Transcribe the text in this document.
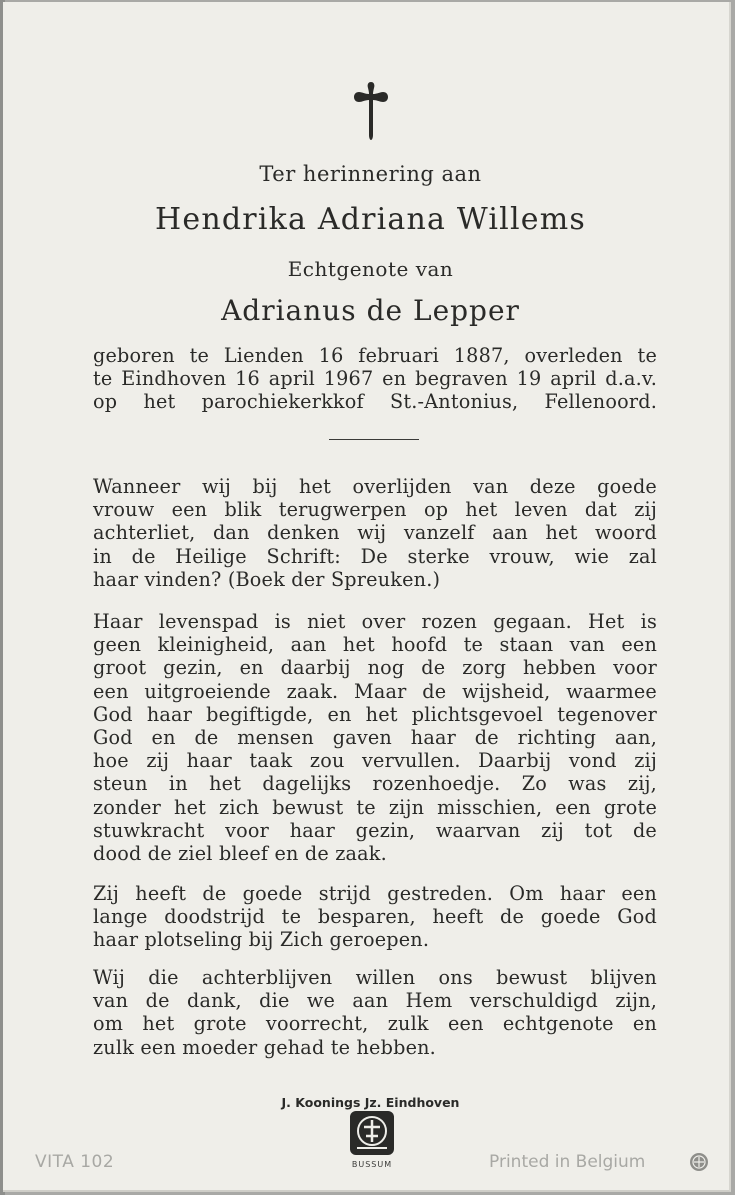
Ter herinnering aan
Hendrika Adriana Willems
Echtgenote van
Adrianus de Lepper
geboren te Lienden 16 februari 1887, overleden te
te Eindhoven 16 april 1967 en begraven 19 april d.a.v.
op het parochiekerkkof St.-Antonius, Fellenoord.
Wanneer wij bij het overlijden van deze goede
vrouw een blik terugwerpen op het leven dat zij
achterliet, dan denken wij vanzelf aan het woord
in de Heilige Schrift: De sterke vrouw, wie zal
haar vinden? (Boek der Spreuken.)
Haar levenspad is niet over rozen gegaan. Het is
geen kleinigheid, aan het hoofd te staan van een
groot gezin, en daarbij nog de zorg hebben voor
een uitgroeiende zaak. Maar de wijsheid, waarmee
God haar begiftigde, en het plichtsgevoel tegenover
God en de mensen gaven haar de richting aan,
hoe zij haar taak zou vervullen. Daarbij vond zij
steun in het dagelijks rozenhoedje. Zo was zij,
zonder het zich bewust te zijn misschien, een grote
stuwkracht voor haar gezin, waarvan zij tot de
dood de ziel bleef en de zaak.
Zij heeft de goede strijd gestreden. Om haar een
lange doodstrijd te besparen, heeft de goede God
haar plotseling bij Zich geroepen.
Wij die achterblijven willen ons bewust blijven
van de dank, die we aan Hem verschuldigd zijn,
om het grote voorrecht, zulk een echtgenote en
zulk een moeder gehad te hebben.
J. Koonings Jz. Eindhoven
BUSSUM
VITA 102	Printed in Belgium
